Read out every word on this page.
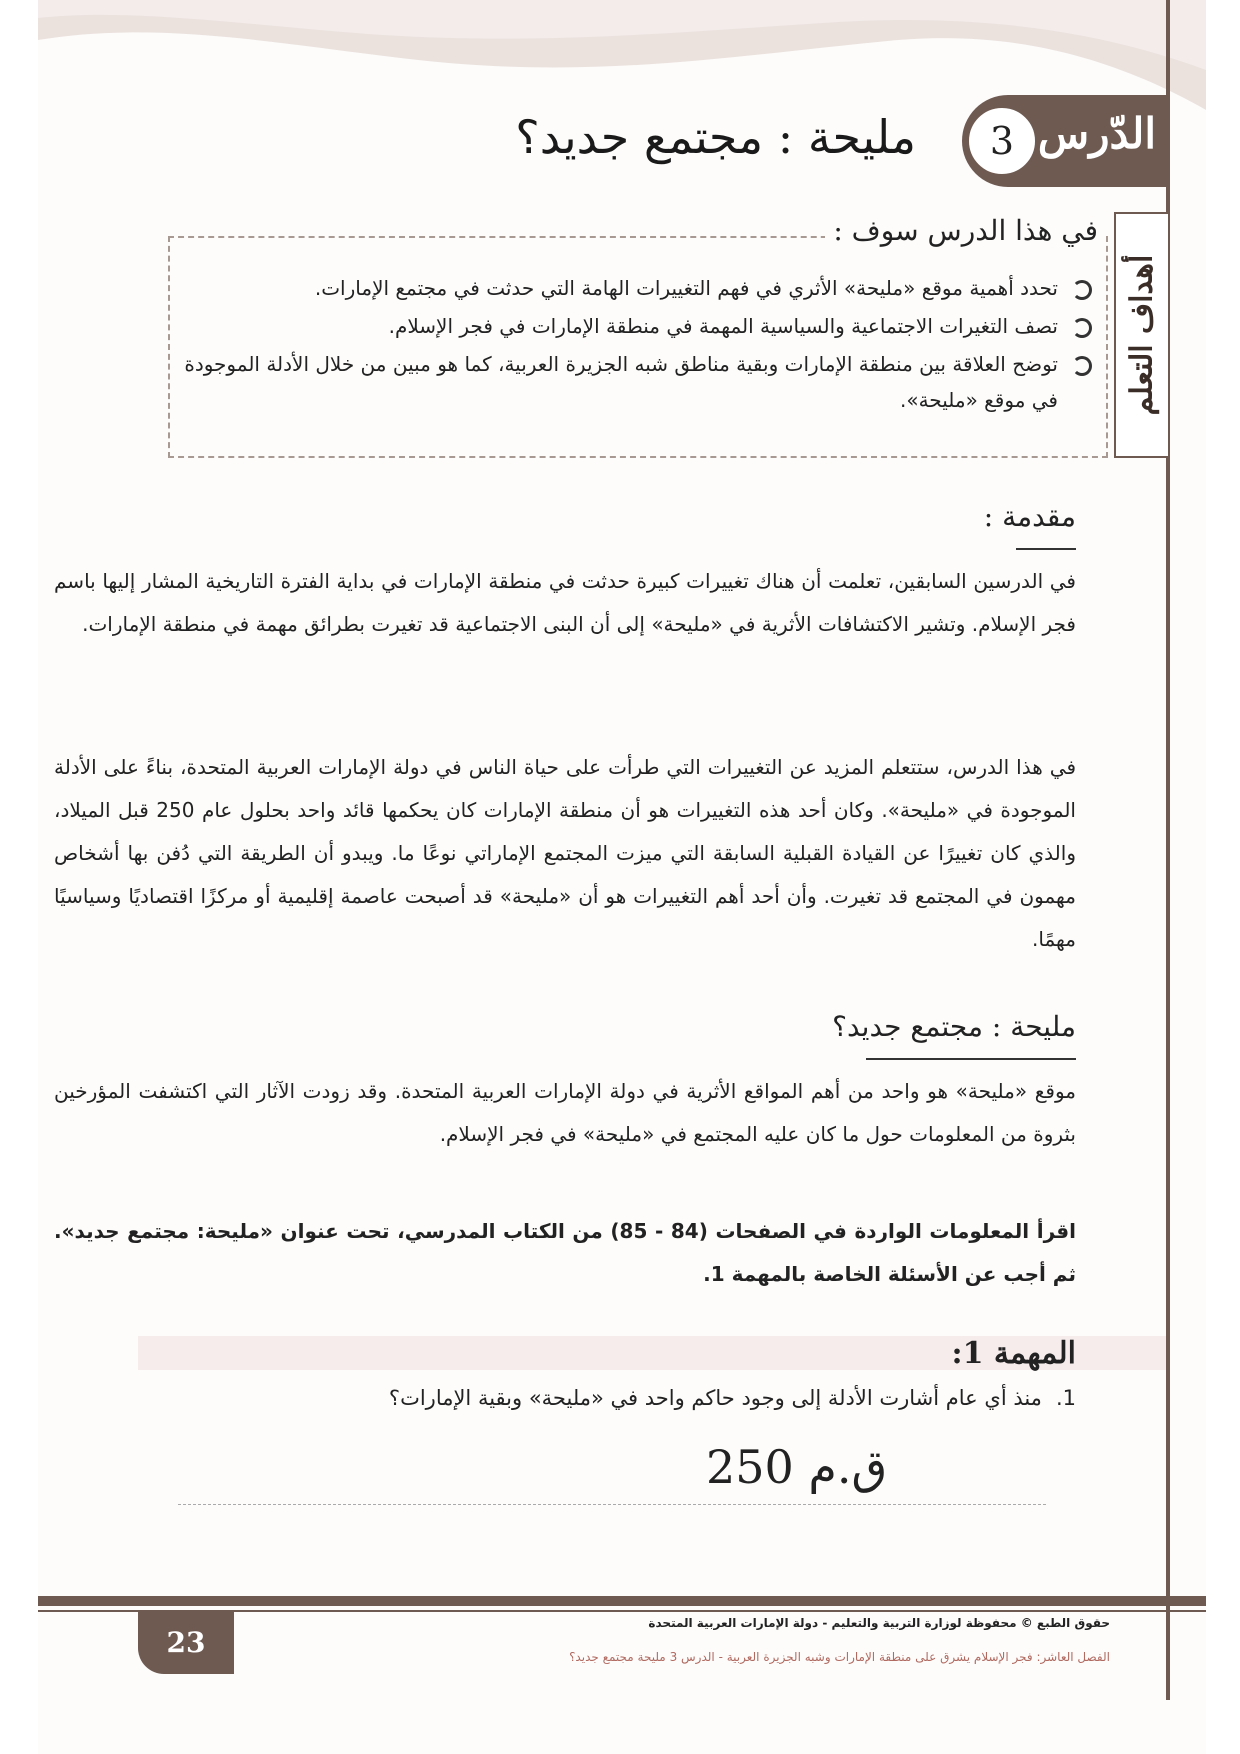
الدّرس
3
مليحة : مجتمع جديد؟
أهداف التعلم
في هذا الدرس سوف :
تحدد أهمية موقع «مليحة» الأثري في فهم التغييرات الهامة التي حدثت في مجتمع الإمارات.
تصف التغيرات الاجتماعية والسياسية المهمة في منطقة الإمارات في فجر الإسلام.
توضح العلاقة بين منطقة الإمارات وبقية مناطق شبه الجزيرة العربية، كما هو مبين من خلال الأدلة الموجودة في موقع «مليحة».
مقدمة :

في الدرسين السابقين، تعلمت أن هناك تغييرات كبيرة حدثت في منطقة الإمارات في بداية الفترة التاريخية المشار إليها باسم فجر الإسلام. وتشير الاكتشافات الأثرية في «مليحة» إلى أن البنى الاجتماعية قد تغيرت بطرائق مهمة في منطقة الإمارات.

في هذا الدرس، ستتعلم المزيد عن التغييرات التي طرأت على حياة الناس في دولة الإمارات العربية المتحدة، بناءً على الأدلة الموجودة في «مليحة». وكان أحد هذه التغييرات هو أن منطقة الإمارات كان يحكمها قائد واحد بحلول عام 250 قبل الميلاد، والذي كان تغييرًا عن القيادة القبلية السابقة التي ميزت المجتمع الإماراتي نوعًا ما. ويبدو أن الطريقة التي دُفن بها أشخاص مهمون في المجتمع قد تغيرت. وأن أحد أهم التغييرات هو أن «مليحة» قد أصبحت عاصمة إقليمية أو مركزًا اقتصاديًا وسياسيًا مهمًا.

مليحة : مجتمع جديد؟

موقع «مليحة» هو واحد من أهم المواقع الأثرية في دولة الإمارات العربية المتحدة. وقد زودت الآثار التي اكتشفت المؤرخين بثروة من المعلومات حول ما كان عليه المجتمع في «مليحة» في فجر الإسلام.

اقرأ المعلومات الواردة في الصفحات (84 - 85) من الكتاب المدرسي، تحت عنوان «مليحة: مجتمع جديد». ثم أجب عن الأسئلة الخاصة بالمهمة 1.

المهمة 1:
1.منذ أي عام أشارت الأدلة إلى وجود حاكم واحد في «مليحة» وبقية الإمارات؟
250 ق.م
23
حقوق الطبع © محفوظة لوزارة التربية والتعليم - دولة الإمارات العربية المتحدة
الفصل العاشر: فجر الإسلام يشرق على منطقة الإمارات وشبه الجزيرة العربية - الدرس 3 مليحة مجتمع جديد؟
